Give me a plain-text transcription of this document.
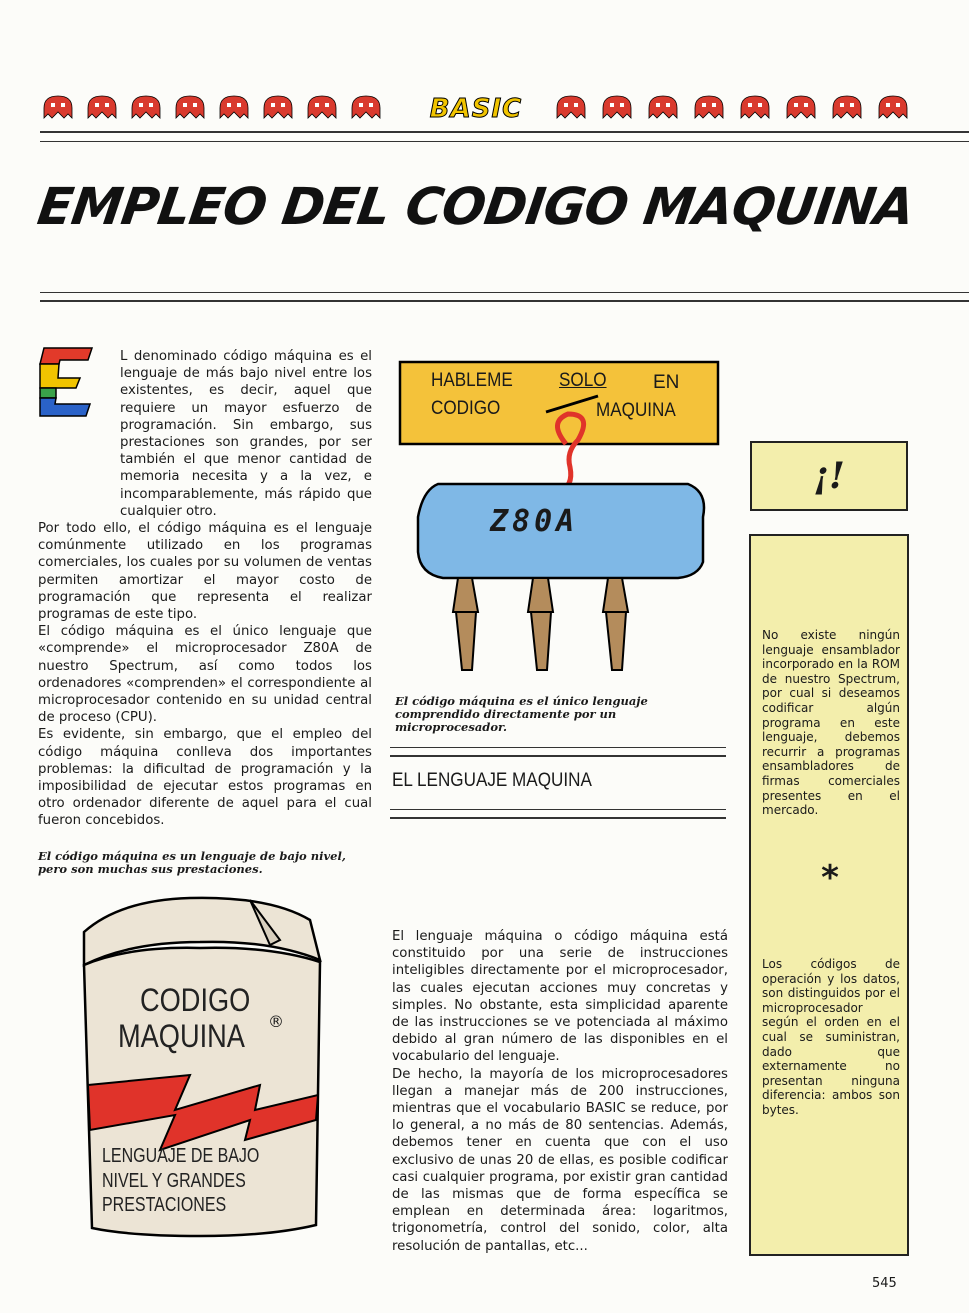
BASIC
EMPLEO DEL CODIGO MAQUINA

L denominado código máquina es el lenguaje de más bajo nivel entre los existentes, es decir, aquel que requiere un mayor esfuerzo de programación. Sin embargo, sus prestaciones son grandes, por ser también el que menor cantidad de memoria necesita y a la vez, e incomparablemente, más rápido que cualquier otro.

Por todo ello, el código máquina es el lenguaje comúnmente utilizado en los programas comerciales, los cuales por su volumen de ventas permiten amortizar el mayor costo de programación que representa el realizar programas de este tipo.

El código máquina es el único lenguaje que «comprende» el microprocesador Z80A de nuestro Spectrum, así como todos los ordenadores «comprenden» el correspondiente al microprocesador contenido en su unidad central de proceso (CPU).

Es evidente, sin embargo, que el empleo del código máquina conlleva dos importantes problemas: la dificultad de programación y la imposibilidad de ejecutar estos programas en otro ordenador diferente de aquel para el cual fueron concebidos.

El código máquina es un lenguaje de bajo nivel, pero son muchas sus prestaciones.
CODIGO
MAQUINA ®
LENGUAJE DE BAJO
NIVEL Y GRANDES
PRESTACIONES
HABLEME SOLO EN
CODIGO	MAQUINA
Z80A
El código máquina es el único lenguaje comprendido directamente por un microprocesador.
EL LENGUAJE MAQUINA

El lenguaje máquina o código máquina está constituido por una serie de instrucciones inteligibles directamente por el microprocesador, las cuales ejecutan acciones muy concretas y simples. No obstante, esta simplicidad aparente de las instrucciones se ve potenciada al máximo debido al gran número de las disponibles en el vocabulario del lenguaje.

De hecho, la mayoría de los microprocesadores llegan a manejar más de 200 instrucciones, mientras que el vocabulario BASIC se reduce, por lo general, a no más de 80 sentencias. Además, debemos tener en cuenta que con el uso exclusivo de unas 20 de ellas, es posible codificar casi cualquier programa, por existir gran cantidad de las mismas que de forma específica se emplean en determinada área: logaritmos, trigonometría, control del sonido, color, alta resolución de pantallas, etc...

¡!
No existe ningún lenguaje ensamblador incorporado en la ROM de nuestro Spectrum, por cual si deseamos codificar algún programa en este lenguaje, debemos recurrir a programas ensambladores de firmas comerciales presentes en el mercado.
*
Los códigos de operación y los datos, son distinguidos por el microprocesador según el orden en el cual se suministran, dado que externamente no presentan ninguna diferencia: ambos son bytes.
545
